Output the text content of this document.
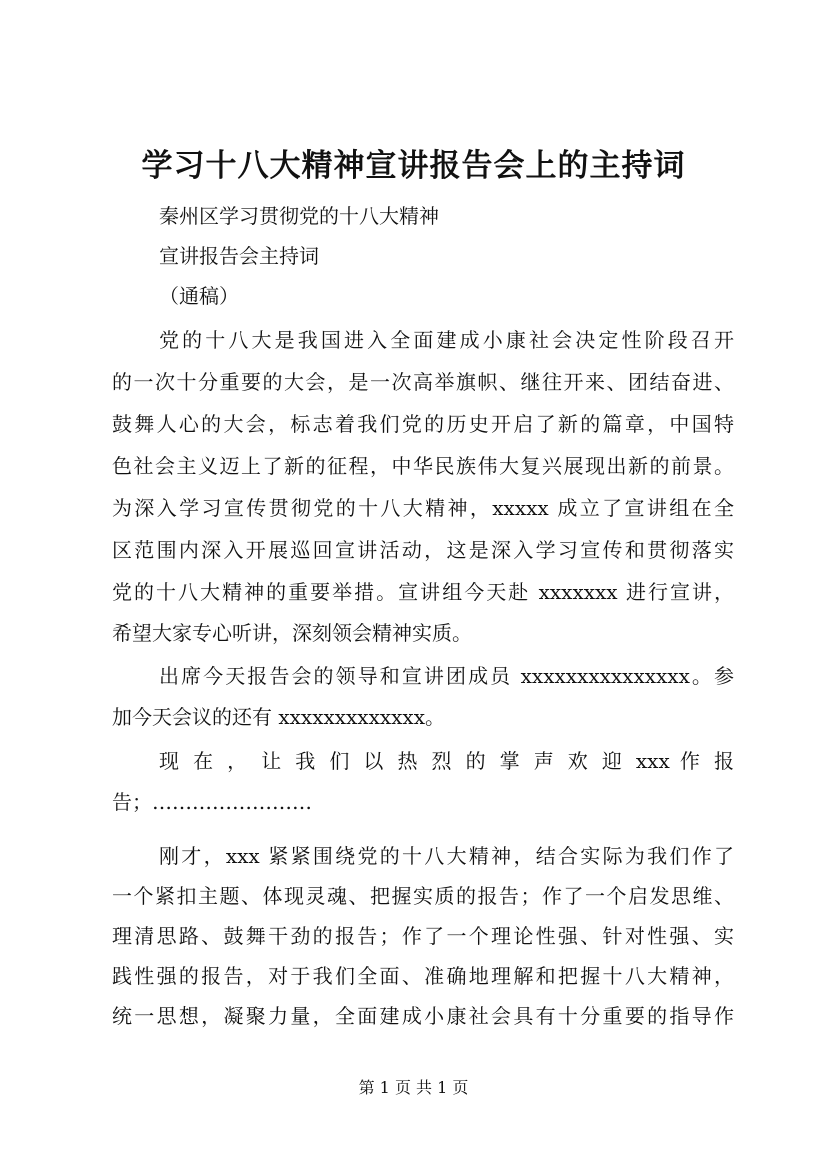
学习十八大精神宣讲报告会上的主持词
秦州区学习贯彻党的十八大精神
宣讲报告会主持词
（通稿）
党的十八大是我国进入全面建成小康社会决定性阶段召开
的一次十分重要的大会，是一次高举旗帜、继往开来、团结奋进、
鼓舞人心的大会，标志着我们党的历史开启了新的篇章，中国特
色社会主义迈上了新的征程，中华民族伟大复兴展现出新的前景。
为深入学习宣传贯彻党的十八大精神，xxxxx 成立了宣讲组在全
区范围内深入开展巡回宣讲活动，这是深入学习宣传和贯彻落实
党的十八大精神的重要举措。宣讲组今天赴 xxxxxxx 进行宣讲，
希望大家专心听讲，深刻领会精神实质。
出席今天报告会的领导和宣讲团成员 xxxxxxxxxxxxxxx。参
加今天会议的还有 xxxxxxxxxxxxx。
现 在 ， 让 我 们 以 热 烈 的 掌 声 欢 迎 xxx 作 报
告；……………………
刚才，xxx 紧紧围绕党的十八大精神，结合实际为我们作了
一个紧扣主题、体现灵魂、把握实质的报告；作了一个启发思维、
理清思路、鼓舞干劲的报告；作了一个理论性强、针对性强、实
践性强的报告，对于我们全面、准确地理解和把握十八大精神，
统一思想，凝聚力量，全面建成小康社会具有十分重要的指导作
第 1 页 共 1 页
